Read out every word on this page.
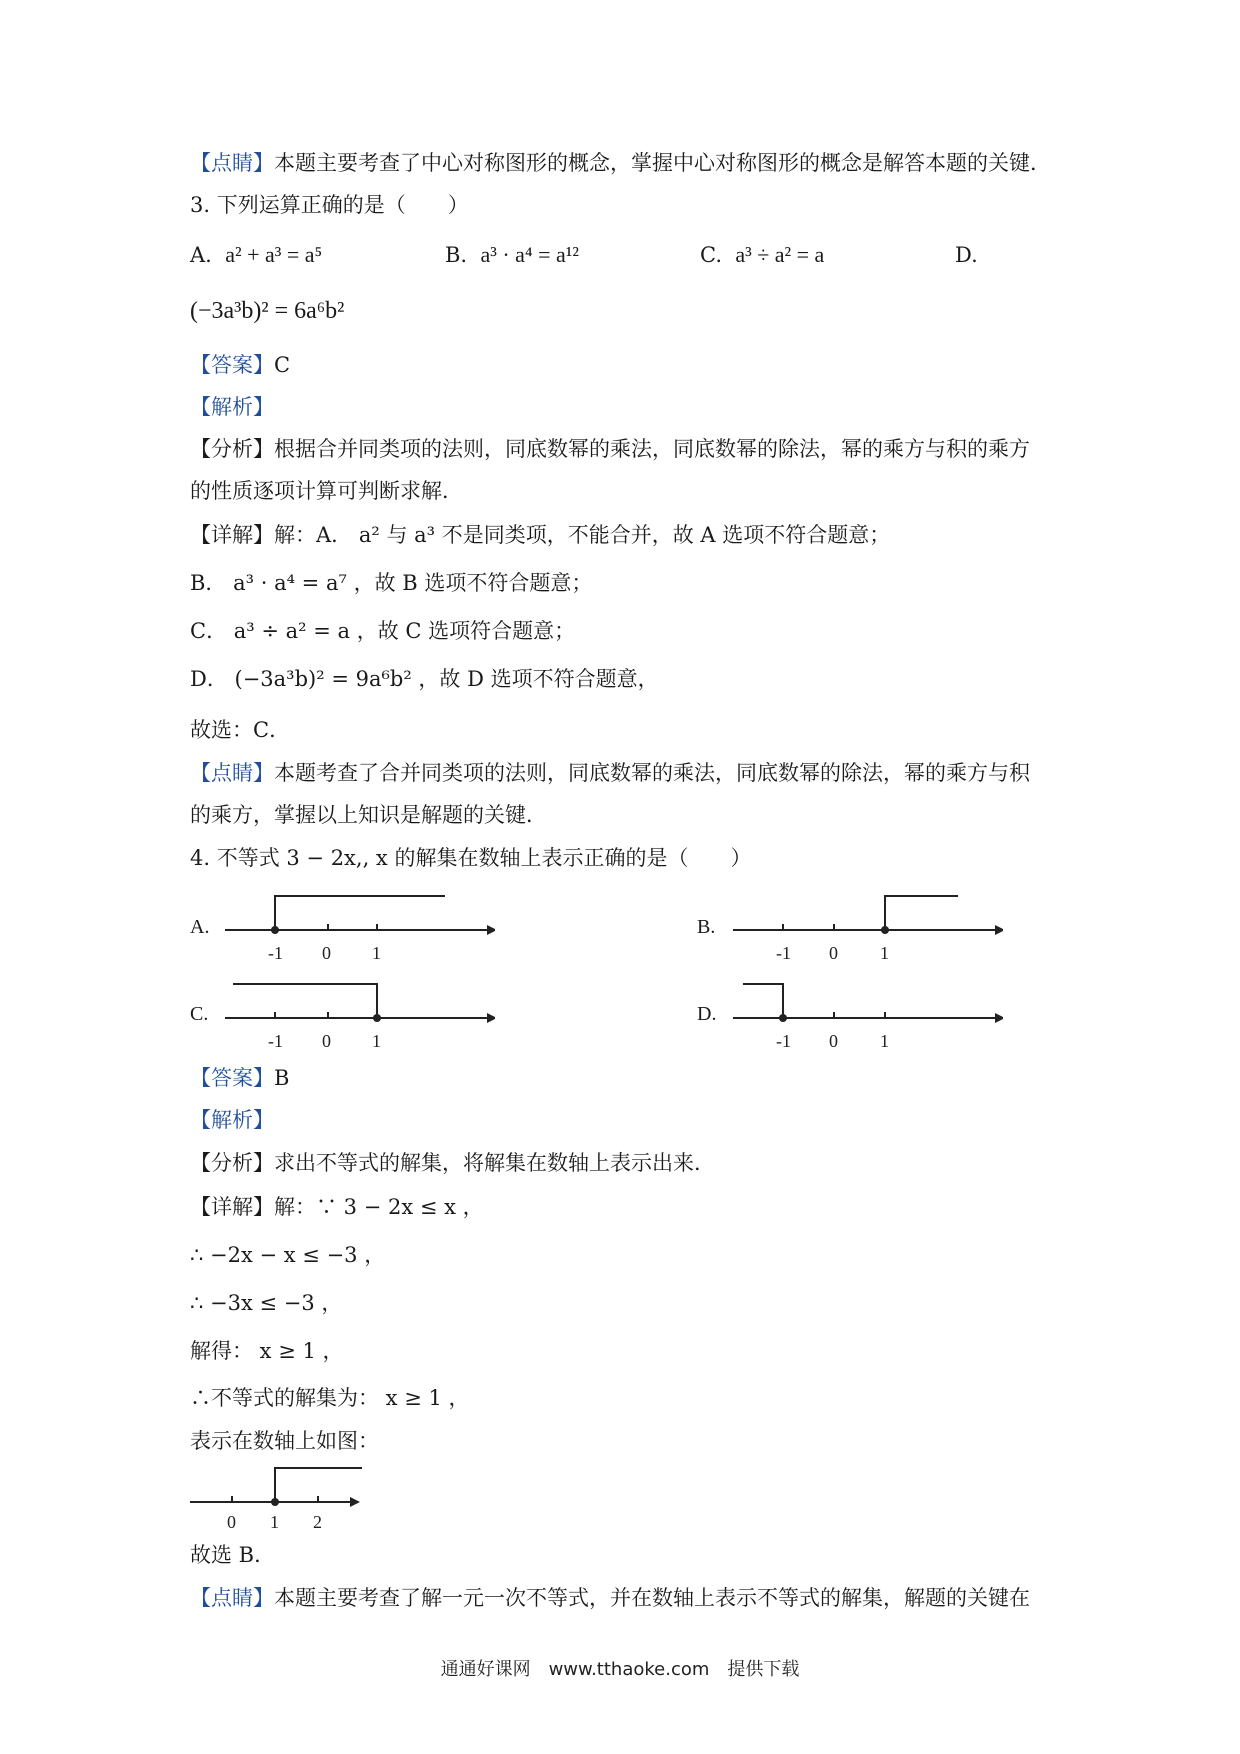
【点睛】本题主要考查了中心对称图形的概念，掌握中心对称图形的概念是解答本题的关键．
3. 下列运算正确的是（　　）
A. a² + a³ = a⁵	B. a³ · a⁴ = a¹²	C. a³ ÷ a² = a	D.
(−3a³b)² = 6a⁶b²
【答案】C
【解析】
【分析】根据合并同类项的法则，同底数幂的乘法，同底数幂的除法，幂的乘方与积的乘方
的性质逐项计算可判断求解．
【详解】解：A． a² 与 a³ 不是同类项，不能合并，故 A 选项不符合题意；
B． a³ · a⁴ = a⁷ ，故 B 选项不符合题意；
C． a³ ÷ a² = a ，故 C 选项符合题意；
D． (−3a³b)² = 9a⁶b² ，故 D 选项不符合题意，
故选：C．
【点睛】本题考查了合并同类项的法则，同底数幂的乘法，同底数幂的除法，幂的乘方与积
的乘方，掌握以上知识是解题的关键．
4. 不等式 3 − 2x,, x 的解集在数轴上表示正确的是（　　）
A.
-1 0 1
B.
-1 0 1
C.
-1 0 1
D.
-1 0 1
【答案】B
【解析】
【分析】求出不等式的解集，将解集在数轴上表示出来．
【详解】解：∵ 3 − 2x ≤ x ，
∴ −2x − x ≤ −3 ，
∴ −3x ≤ −3 ，
解得： x ≥ 1 ，
∴不等式的解集为： x ≥ 1 ，
表示在数轴上如图：
0 1 2
故选 B．
【点睛】本题主要考查了解一元一次不等式，并在数轴上表示不等式的解集，解题的关键在
通通好课网　www.tthaoke.com　提供下载
